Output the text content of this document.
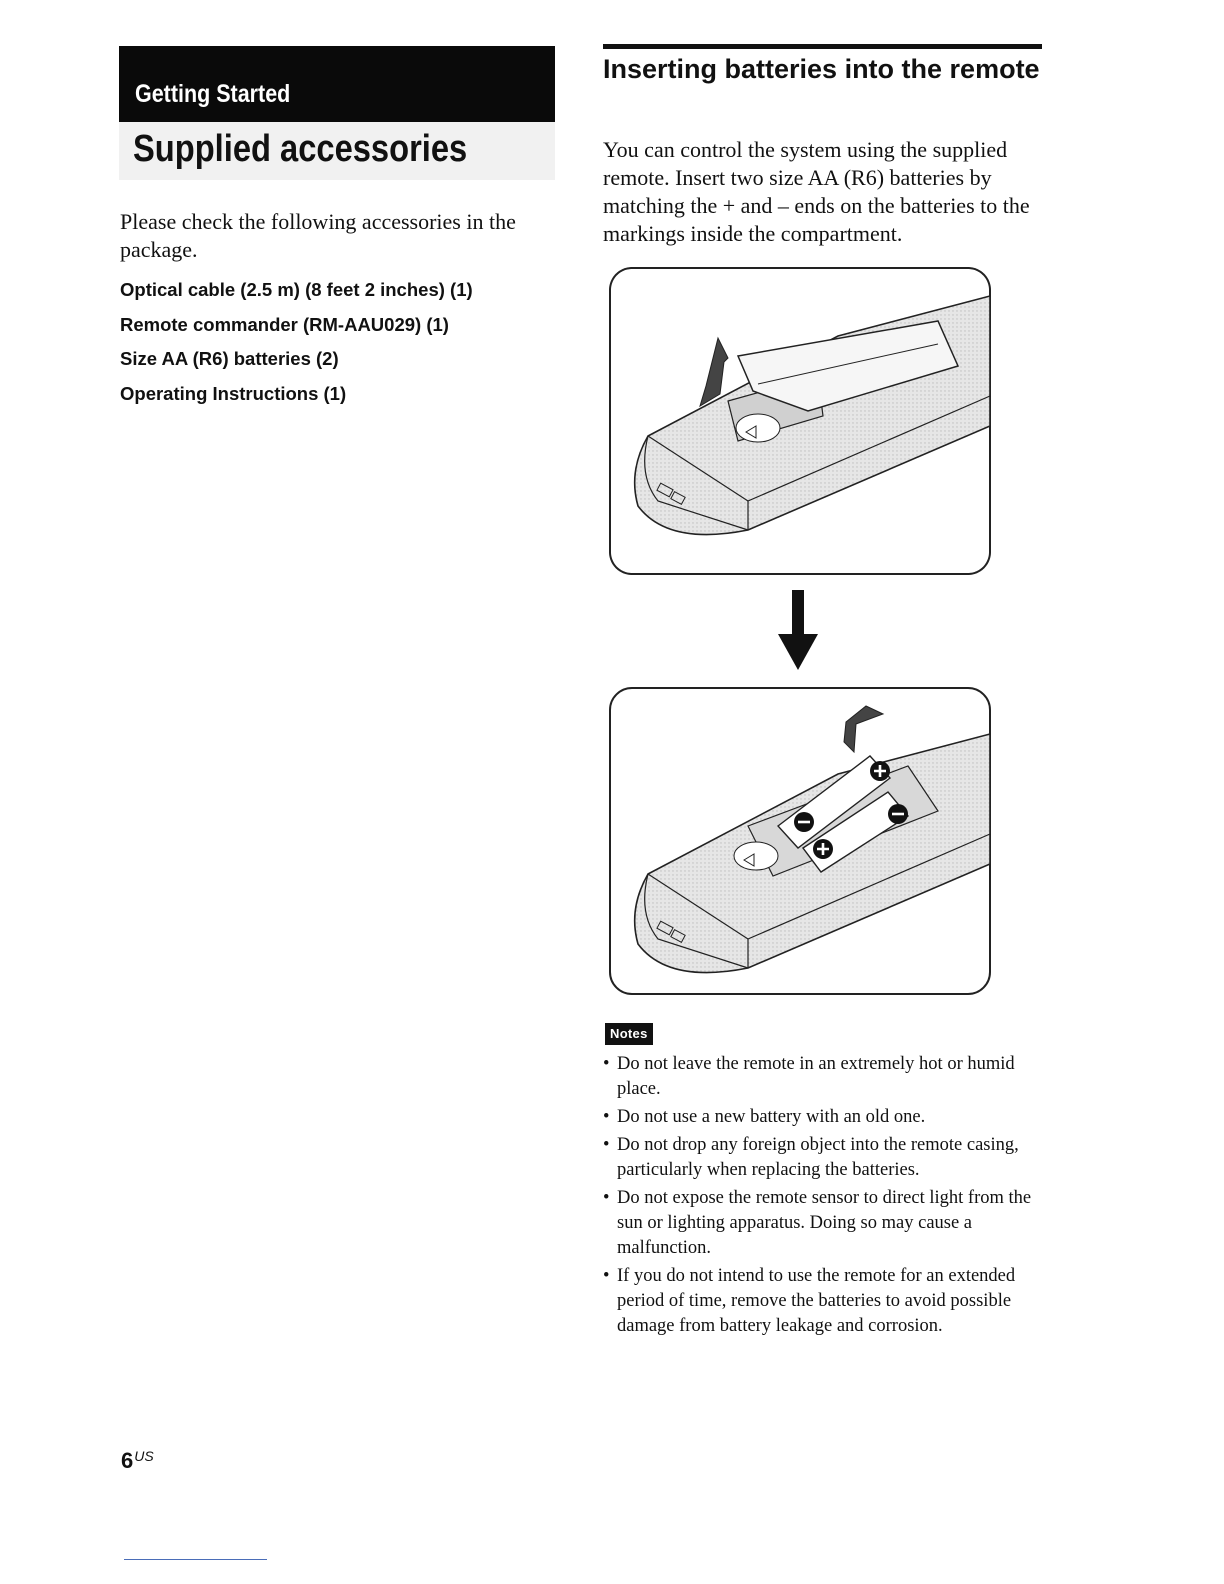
Getting Started
Supplied accessories

Please check the following accessories in the package.

Optical cable (2.5 m) (8 feet 2 inches) (1)
Remote commander (RM-AAU029) (1)
Size AA (R6) batteries (2)
Operating Instructions (1)
Inserting batteries into the remote

You can control the system using the supplied remote. Insert two size AA (R6) batteries by matching the + and – ends on the batteries to the markings inside the compartment.

Notes
• Do not leave the remote in an extremely hot or humid place.
• Do not use a new battery with an old one.
• Do not drop any foreign object into the remote casing, particularly when replacing the batteries.
• Do not expose the remote sensor to direct light from the sun or lighting apparatus. Doing so may cause a malfunction.
• If you do not intend to use the remote for an extended period of time, remove the batteries to avoid possible damage from battery leakage and corrosion.
$6^{US}$
